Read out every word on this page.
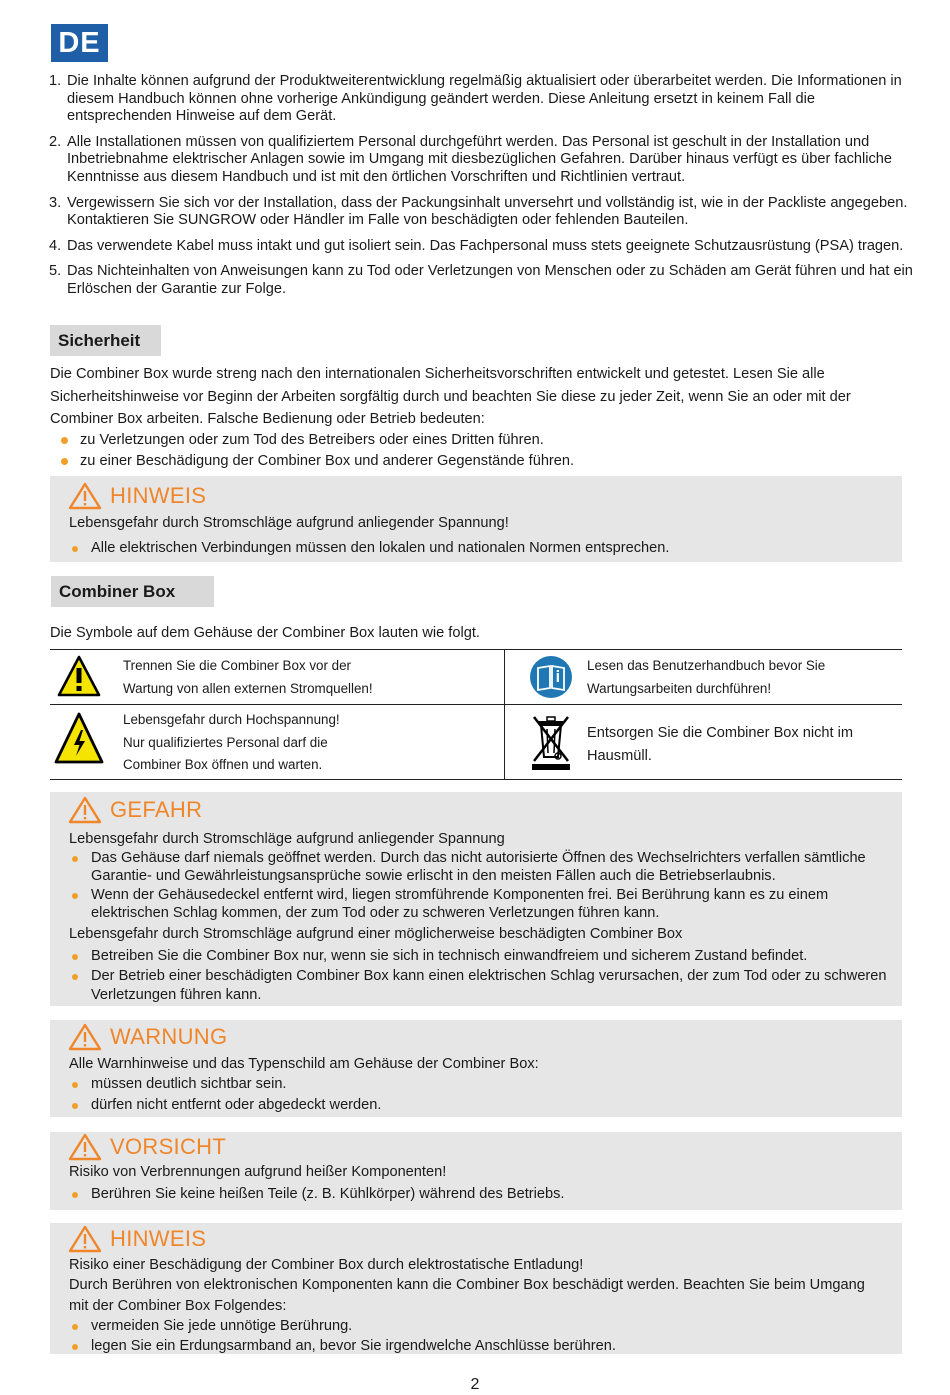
DE
1. Die Inhalte können aufgrund der Produktweiterentwicklung regelmäßig aktualisiert oder überarbeitet werden. Die Informationen in diesem Handbuch können ohne vorherige Ankündigung geändert werden. Diese Anleitung ersetzt in keinem Fall die entsprechenden Hinweise auf dem Gerät.
2. Alle Installationen müssen von qualifiziertem Personal durchgeführt werden. Das Personal ist geschult in der Installation und Inbetriebnahme elektrischer Anlagen sowie im Umgang mit diesbezüglichen Gefahren. Darüber hinaus verfügt es über fachliche Kenntnisse aus diesem Handbuch und ist mit den örtlichen Vorschriften und Richtlinien vertraut.
3. Vergewissern Sie sich vor der Installation, dass der Packungsinhalt unversehrt und vollständig ist, wie in der Packliste angegeben. Kontaktieren Sie SUNGROW oder Händler im Falle von beschädigten oder fehlenden Bauteilen.
4. Das verwendete Kabel muss intakt und gut isoliert sein. Das Fachpersonal muss stets geeignete Schutzausrüstung (PSA) tragen.
5. Das Nichteinhalten von Anweisungen kann zu Tod oder Verletzungen von Menschen oder zu Schäden am Gerät führen und hat ein Erlöschen der Garantie zur Folge.
Sicherheit
Die Combiner Box wurde streng nach den internationalen Sicherheitsvorschriften entwickelt und getestet. Lesen Sie alle Sicherheitshinweise vor Beginn der Arbeiten sorgfältig durch und beachten Sie diese zu jeder Zeit, wenn Sie an oder mit der Combiner Box arbeiten. Falsche Bedienung oder Betrieb bedeuten:
zu Verletzungen oder zum Tod des Betreibers oder eines Dritten führen.
zu einer Beschädigung der Combiner Box und anderer Gegenstände führen.
HINWEIS
Lebensgefahr durch Stromschläge aufgrund anliegender Spannung!
Alle elektrischen Verbindungen müssen den lokalen und nationalen Normen entsprechen.
Combiner Box
Die Symbole auf dem Gehäuse der Combiner Box lauten wie folgt.
Trennen Sie die Combiner Box vor der
Wartung von allen externen Stromquellen!
Lesen das Benutzerhandbuch bevor Sie
Wartungsarbeiten durchführen!
Lebensgefahr durch Hochspannung!
Nur qualifiziertes Personal darf die
Combiner Box öffnen und warten.
Entsorgen Sie die Combiner Box nicht im
Hausmüll.
GEFAHR
Lebensgefahr durch Stromschläge aufgrund anliegender Spannung
Das Gehäuse darf niemals geöffnet werden. Durch das nicht autorisierte Öffnen des Wechselrichters verfallen sämtliche Garantie- und Gewährleistungsansprüche sowie erlischt in den meisten Fällen auch die Betriebserlaubnis.
Wenn der Gehäusedeckel entfernt wird, liegen stromführende Komponenten frei. Bei Berührung kann es zu einem elektrischen Schlag kommen, der zum Tod oder zu schweren Verletzungen führen kann.
Lebensgefahr durch Stromschläge aufgrund einer möglicherweise beschädigten Combiner Box
Betreiben Sie die Combiner Box nur, wenn sie sich in technisch einwandfreiem und sicherem Zustand befindet.
Der Betrieb einer beschädigten Combiner Box kann einen elektrischen Schlag verursachen, der zum Tod oder zu schweren Verletzungen führen kann.
WARNUNG
Alle Warnhinweise und das Typenschild am Gehäuse der Combiner Box:
müssen deutlich sichtbar sein.
dürfen nicht entfernt oder abgedeckt werden.
VORSICHT
Risiko von Verbrennungen aufgrund heißer Komponenten!
Berühren Sie keine heißen Teile (z. B. Kühlkörper) während des Betriebs.
HINWEIS
Risiko einer Beschädigung der Combiner Box durch elektrostatische Entladung!
Durch Berühren von elektronischen Komponenten kann die Combiner Box beschädigt werden. Beachten Sie beim Umgang mit der Combiner Box Folgendes:
vermeiden Sie jede unnötige Berührung.
legen Sie ein Erdungsarmband an, bevor Sie irgendwelche Anschlüsse berühren.
2
